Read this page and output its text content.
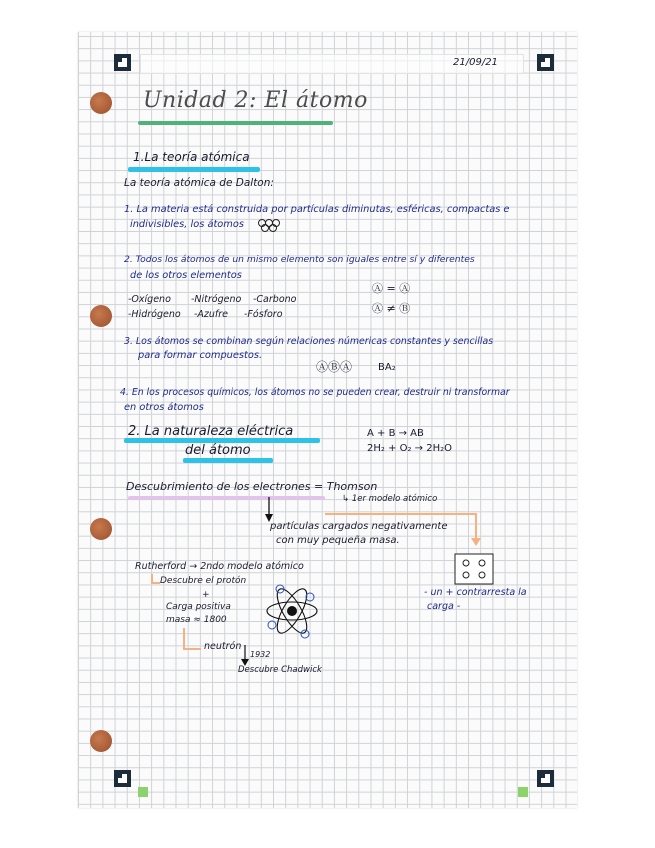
21/09/21
Unidad 2: El átomo
1.La teoría atómica
La teoría atómica de Dalton:
1. La materia está construida por partículas diminutas, esféricas, compactas e
indivisibles, los átomos
2. Todos los átomos de un mismo elemento son iguales entre sí y diferentes
de los otros elementos
Ⓐ = Ⓐ
Ⓐ ≠ Ⓑ
-Oxígeno -Nitrógeno -Carbono
-Hidrógeno -Azufre -Fósforo
3. Los átomos se combinan según relaciones númericas constantes y sencillas
para formar compuestos.
ⒶⒷⒶ	BA₂
4. En los procesos químicos, los átomos no se pueden crear, destruir ni transformar
en otros átomos
2. La naturaleza eléctrica
del átomo
A + B → AB
2H₂ + O₂ → 2H₂O
Descubrimiento de los electrones = Thomson
↳ 1er modelo atómico
partículas cargados negativamente
con muy pequeña masa.
- un + contrarresta la
carga -
Rutherford → 2ndo modelo atómico
Descubre el protón
+
Carga positiva
masa ≈ 1800
neutrón
1932
Descubre Chadwick
